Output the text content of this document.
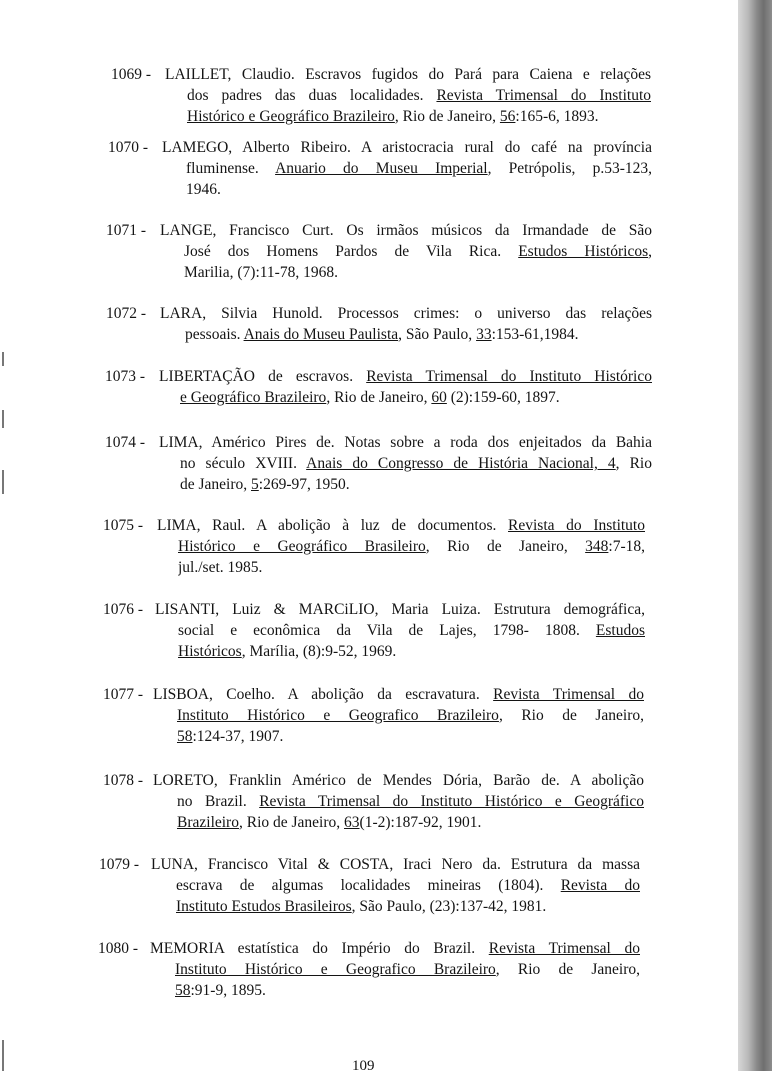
1069 - LAILLET, Claudio. Escravos fugidos do Pará para Caiena e relações
dos padres das duas localidades. Revista Trimensal do Instituto
Histórico e Geográfico Brazileiro, Rio de Janeiro, 56:165-6, 1893.
1070 - LAMEGO, Alberto Ribeiro. A aristocracia rural do café na província
fluminense. Anuario do Museu Imperial, Petrópolis, p.53-123,
1946.
1071 - LANGE, Francisco Curt. Os irmãos músicos da Irmandade de São
José dos Homens Pardos de Vila Rica. Estudos Históricos,
Marilia, (7):11-78, 1968.
1072 - LARA, Silvia Hunold. Processos crimes: o universo das relações
pessoais. Anais do Museu Paulista, São Paulo, 33:153-61,1984.
1073 - LIBERTAÇÃO de escravos. Revista Trimensal do Instituto Histórico
e Geográfico Brazileiro, Rio de Janeiro, 60 (2):159-60, 1897.
1074 - LIMA, Américo Pires de. Notas sobre a roda dos enjeitados da Bahia
no século XVIII. Anais do Congresso de História Nacional, 4, Rio
de Janeiro, 5:269-97, 1950.
1075 - LIMA, Raul. A abolição à luz de documentos. Revista do Instituto
Histórico e Geográfico Brasileiro, Rio de Janeiro, 348:7-18,
jul./set. 1985.
1076 - LISANTI, Luiz & MARCiLIO, Maria Luiza. Estrutura demográfica,
social e econômica da Vila de Lajes, 1798- 1808. Estudos
Históricos, Marília, (8):9-52, 1969.
1077 - LISBOA, Coelho. A abolição da escravatura. Revista Trimensal do
Instituto Histórico e Geografico Brazileiro, Rio de Janeiro,
58:124-37, 1907.
1078 - LORETO, Franklin Américo de Mendes Dória, Barão de. A abolição
no Brazil. Revista Trimensal do Instituto Histórico e Geográfico
Brazileiro, Rio de Janeiro, 63(1-2):187-92, 1901.
1079 - LUNA, Francisco Vital & COSTA, Iraci Nero da. Estrutura da massa
escrava de algumas localidades mineiras (1804). Revista do
Instituto Estudos Brasileiros, São Paulo, (23):137-42, 1981.
1080 - MEMORIA estatística do Império do Brazil. Revista Trimensal do
Instituto Histórico e Geografico Brazileiro, Rio de Janeiro,
58:91-9, 1895.
109
